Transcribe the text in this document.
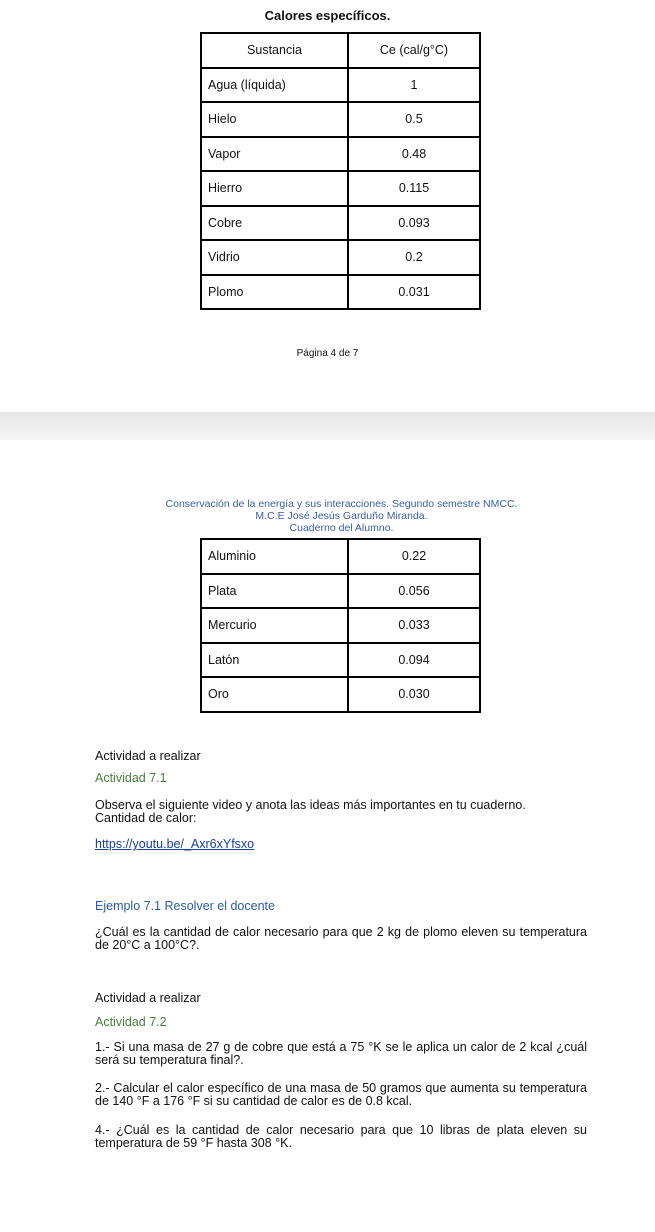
Calores específicos.
Sustancia	Ce (cal/g°C)
Agua (líquida)	1
Hielo	0.5
Vapor	0.48
Hierro	0.115
Cobre	0.093
Vidrio	0.2
Plomo	0.031
Página 4 de 7
Conservación de la energía y sus interacciones. Segundo semestre NMCC.
M.C.E José Jesús Garduño Miranda.
Cuaderno del Alumno.
Aluminio	0.22
Plata	0.056
Mercurio	0.033
Latón	0.094
Oro	0.030
Actividad a realizar
Actividad 7.1
Observa el siguiente video y anota las ideas más importantes en tu cuaderno.
Cantidad de calor:
https://youtu.be/_Axr6xYfsxo
Ejemplo 7.1 Resolver el docente
¿Cuál es la cantidad de calor necesario para que 2 kg de plomo eleven su temperatura de 20°C a 100°C?.
Actividad a realizar
Actividad 7.2
1.- Si una masa de 27 g de cobre que está a 75 °K se le aplica un calor de 2 kcal ¿cuál será su temperatura final?.
2.- Calcular el calor específico de una masa de 50 gramos que aumenta su temperatura de 140 °F a 176 °F si su cantidad de calor es de 0.8 kcal.
4.- ¿Cuál es la cantidad de calor necesario para que 10 libras de plata eleven su temperatura de 59 °F hasta 308 °K.
